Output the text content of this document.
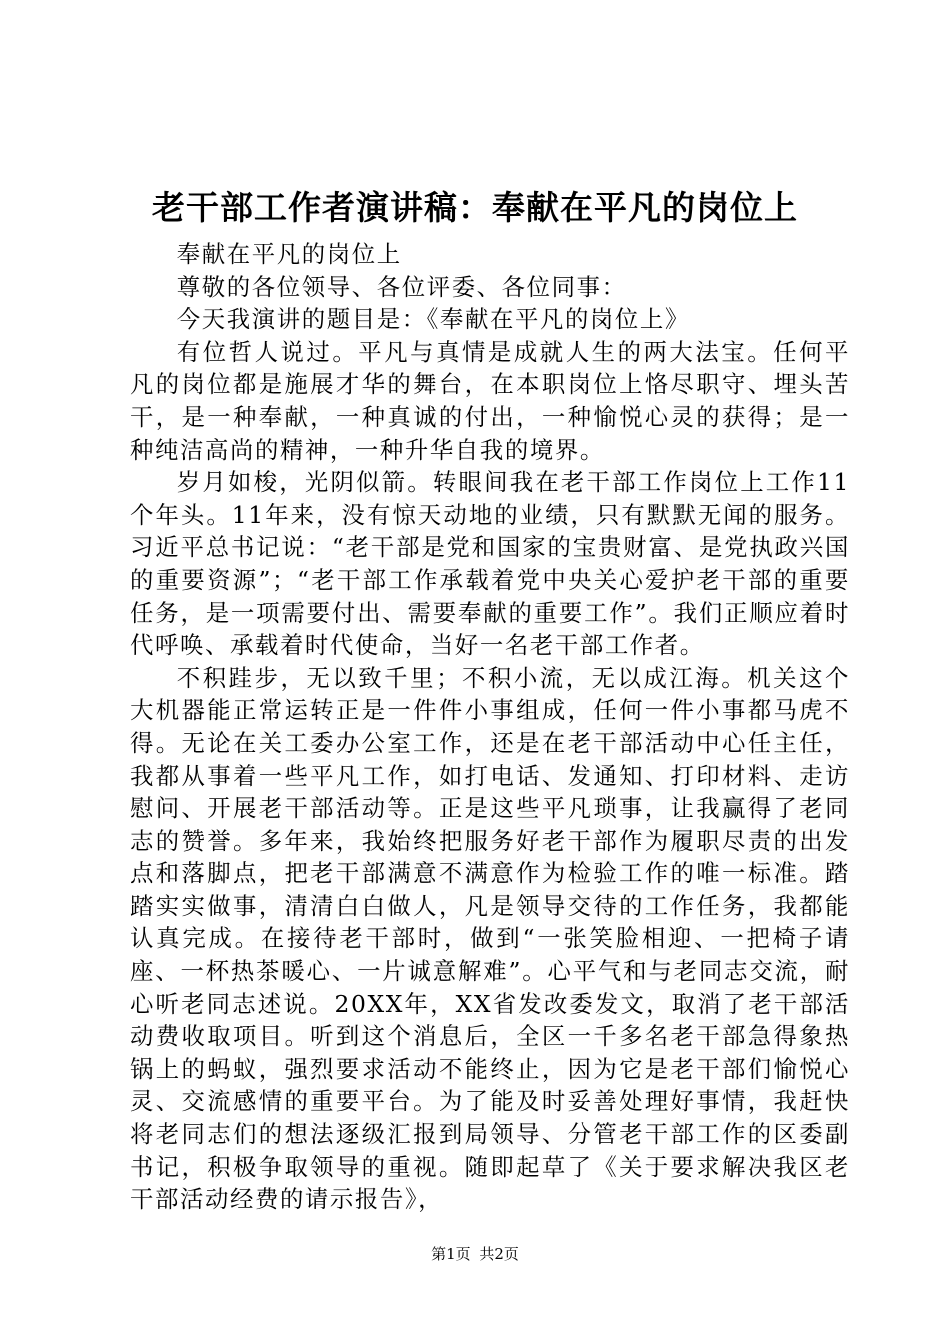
老干部工作者演讲稿：奉献在平凡的岗位上

奉献在平凡的岗位上

尊敬的各位领导、各位评委、各位同事：

今天我演讲的题目是：《奉献在平凡的岗位上》

有位哲人说过。平凡与真情是成就人生的两大法宝。任何平凡的岗位都是施展才华的舞台，在本职岗位上恪尽职守、埋头苦干，是一种奉献，一种真诚的付出，一种愉悦心灵的获得；是一种纯洁高尚的精神，一种升华自我的境界。

岁月如梭，光阴似箭。转眼间我在老干部工作岗位上工作11个年头。11年来，没有惊天动地的业绩，只有默默无闻的服务。习近平总书记说：“老干部是党和国家的宝贵财富、是党执政兴国的重要资源”；“老干部工作承载着党中央关心爱护老干部的重要任务，是一项需要付出、需要奉献的重要工作”。我们正顺应着时代呼唤、承载着时代使命，当好一名老干部工作者。

不积跬步，无以致千里；不积小流，无以成江海。机关这个大机器能正常运转正是一件件小事组成，任何一件小事都马虎不得。无论在关工委办公室工作，还是在老干部活动中心任主任，我都从事着一些平凡工作，如打电话、发通知、打印材料、走访慰问、开展老干部活动等。正是这些平凡琐事，让我赢得了老同志的赞誉。多年来，我始终把服务好老干部作为履职尽责的出发点和落脚点，把老干部满意不满意作为检验工作的唯一标准。踏踏实实做事，清清白白做人，凡是领导交待的工作任务，我都能认真完成。在接待老干部时，做到“一张笑脸相迎、一把椅子请座、一杯热茶暖心、一片诚意解难”。心平气和与老同志交流，耐心听老同志述说。20XX年，XX省发改委发文，取消了老干部活动费收取项目。听到这个消息后，全区一千多名老干部急得象热锅上的蚂蚁，强烈要求活动不能终止，因为它是老干部们愉悦心灵、交流感情的重要平台。为了能及时妥善处理好事情，我赶快将老同志们的想法逐级汇报到局领导、分管老干部工作的区委副书记，积极争取领导的重视。随即起草了《关于要求解决我区老干部活动经费的请示报告》，

第1页 共2页
